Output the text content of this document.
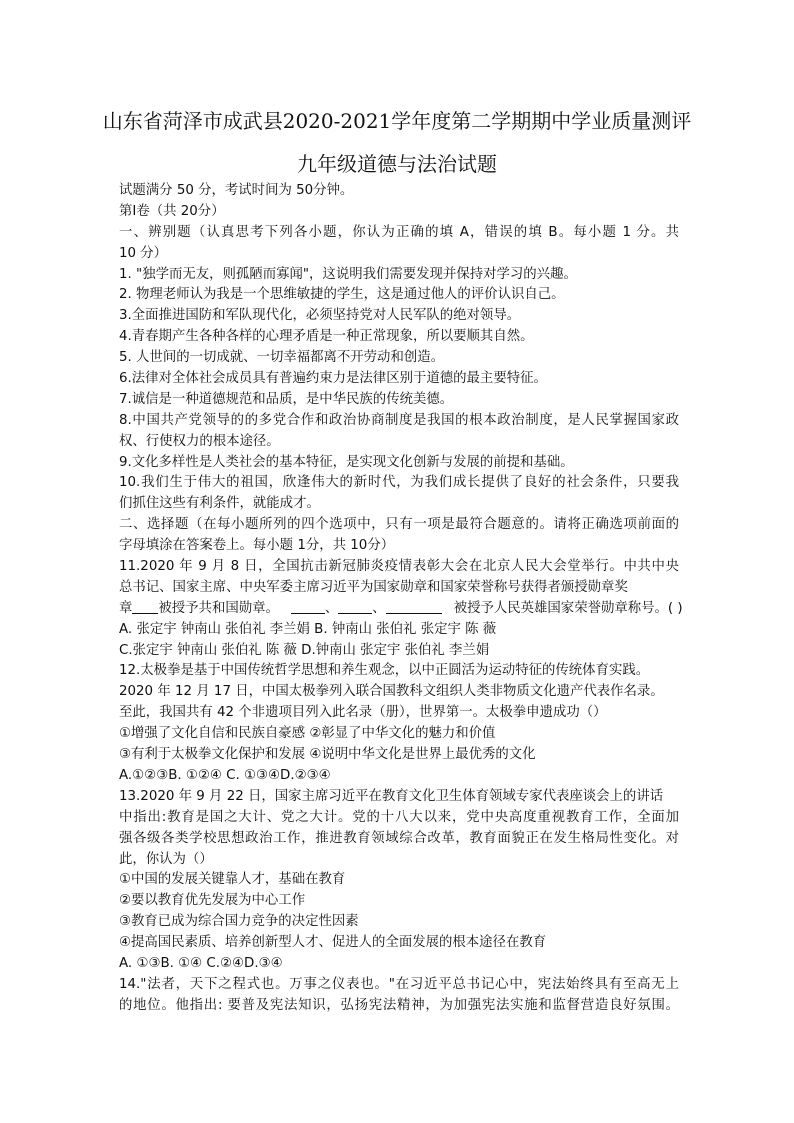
山东省菏泽市成武县2020-2021学年度第二学期期中学业质量测评
九年级道德与法治试题
试题满分 50 分，考试时间为 50分钟。
第Ⅰ卷（共 20分）
一、辨别题（认真思考下列各小题，你认为正确的填 A，错误的填 B。每小题 1 分。共
10 分）
1. "独学而无友，则孤陋而寡闻"，这说明我们需要发现并保持对学习的兴趣。
2. 物理老师认为我是一个思维敏捷的学生，这是通过他人的评价认识自己。
3.全面推进国防和军队现代化，必须坚持党对人民军队的绝对领导。
4.青春期产生各种各样的心理矛盾是一种正常现象，所以要顺其自然。
5. 人世间的一切成就、一切幸福都离不开劳动和创造。
6.法律对全体社会成员具有普遍约束力是法律区别于道德的最主要特征。
7.诚信是一种道德规范和品质，是中华民族的传统美德。
8.中国共产党领导的的多党合作和政治协商制度是我国的根本政治制度，是人民掌握国家政
权、行使权力的根本途径。
9.文化多样性是人类社会的基本特征，是实现文化创新与发展的前提和基础。
10.我们生于伟大的祖国，欣逢伟大的新时代，为我们成长提供了良好的社会条件，只要我
们抓住这些有利条件，就能成才。
二、选择题（在每小题所列的四个选项中，只有一项是最符合题意的。请将正确选项前面的
字母填涂在答案卷上。每小题 1分，共 10分）
11.2020 年 9 月 8 日，全国抗击新冠肺炎疫情表彰大会在北京人民大会堂举行。中共中央
总书记、国家主席、中央军委主席习近平为国家勋章和国家荣誉称号获得者颁授勋章奖
章 被授予共和国勋章。	、	、	被授予人民英雄国家荣誉勋章称号。( )
A. 张定宇 钟南山 张伯礼 李兰娟 B. 钟南山 张伯礼 张定宇 陈 薇
C.张定宇 钟南山 张伯礼 陈 薇 D.钟南山 张定宇 张伯礼 李兰娟
12.太极拳是基于中国传统哲学思想和养生观念，以中正圆活为运动特征的传统体育实践。
2020 年 12 月 17 日，中国太极拳列入联合国教科文组织人类非物质文化遗产代表作名录。
至此，我国共有 42 个非遗项目列入此名录（册），世界第一。太极拳申遗成功（）
①增强了文化自信和民族自豪感 ②彰显了中华文化的魅力和价值
③有利于太极拳文化保护和发展 ④说明中华文化是世界上最优秀的文化
A.①②③B. ①②④ C. ①③④D.②③④
13.2020 年 9 月 22 日，国家主席习近平在教育文化卫生体育领域专家代表座谈会上的讲话
中指出:教育是国之大计、党之大计。党的十八大以来，党中央高度重视教育工作，全面加
强各级各类学校思想政治工作，推进教育领域综合改革，教育面貌正在发生格局性变化。对
此，你认为（）
①中国的发展关键靠人才，基础在教育
②要以教育优先发展为中心工作
③教育已成为综合国力竞争的决定性因素
④提高国民素质、培养创新型人才、促进人的全面发展的根本途径在教育
A. ①③B. ①④ C.②④D.③④
14."法者，天下之程式也。万事之仪表也。"在习近平总书记心中，宪法始终具有至高无上
的地位。他指出: 要普及宪法知识，弘扬宪法精神，为加强宪法实施和监督营造良好氛围。
